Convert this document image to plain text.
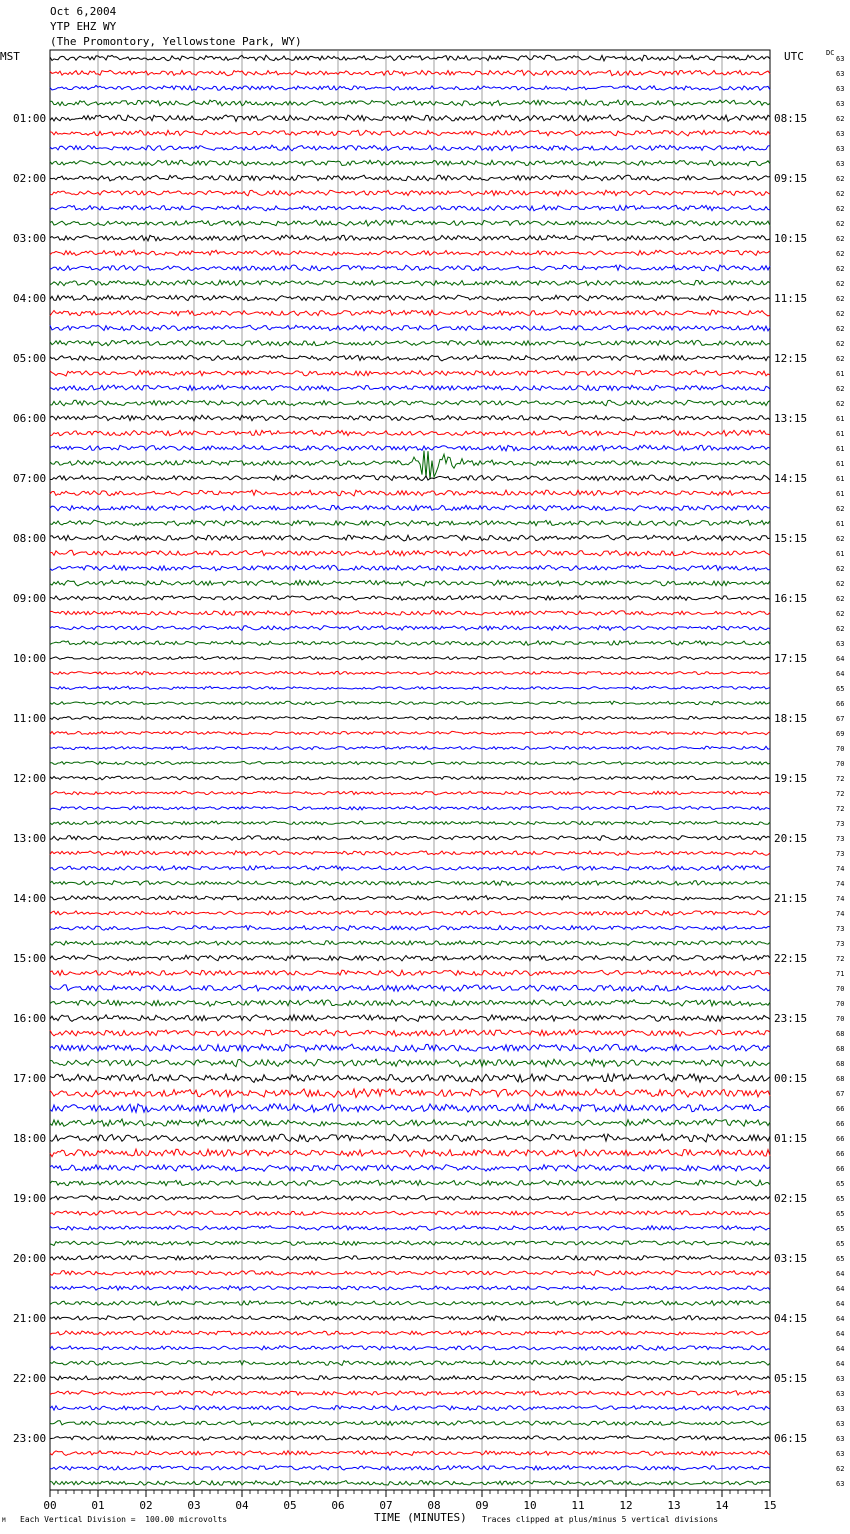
Oct 6,2004
YTP EHZ WY
(The Promontory, Yellowstone Park, WY)
MST	UTC	DC
63
63
63
63
62
63
63
63
62
62
62
62
62
62
62
62
62
62
62
62
62
61
62
62
61
61
61
61
61
61
62
61
62
61
62
62
62
62
62
63
64
64
65
66
67
69
70
70
72
72
72
73
73
73
74
74
74
74
73
73
72
71
70
70
70
68
68
68
68
67
66
66
66
66
66
65
65
65
65
65
65
64
64
64
64
64
64
64
63
63
63
63
63
63
62
63
01:00	08:15
02:00	09:15
03:00	10:15
04:00	11:15
05:00	12:15
06:00	13:15
07:00	14:15
08:00	15:15
09:00	16:15
10:00	17:15
11:00	18:15
12:00	19:15
13:00	20:15
14:00	21:15
15:00	22:15
16:00	23:15
17:00	00:15
18:00	01:15
19:00	02:15
20:00	03:15
21:00	04:15
22:00	05:15
23:00	06:15
00	01	02	03	04	05	06	07	08	09	10	11	12	13	14	15
TIME (MINUTES)
M Each Vertical Division =  100.00 microvolts	Traces clipped at plus/minus 5 vertical divisions
